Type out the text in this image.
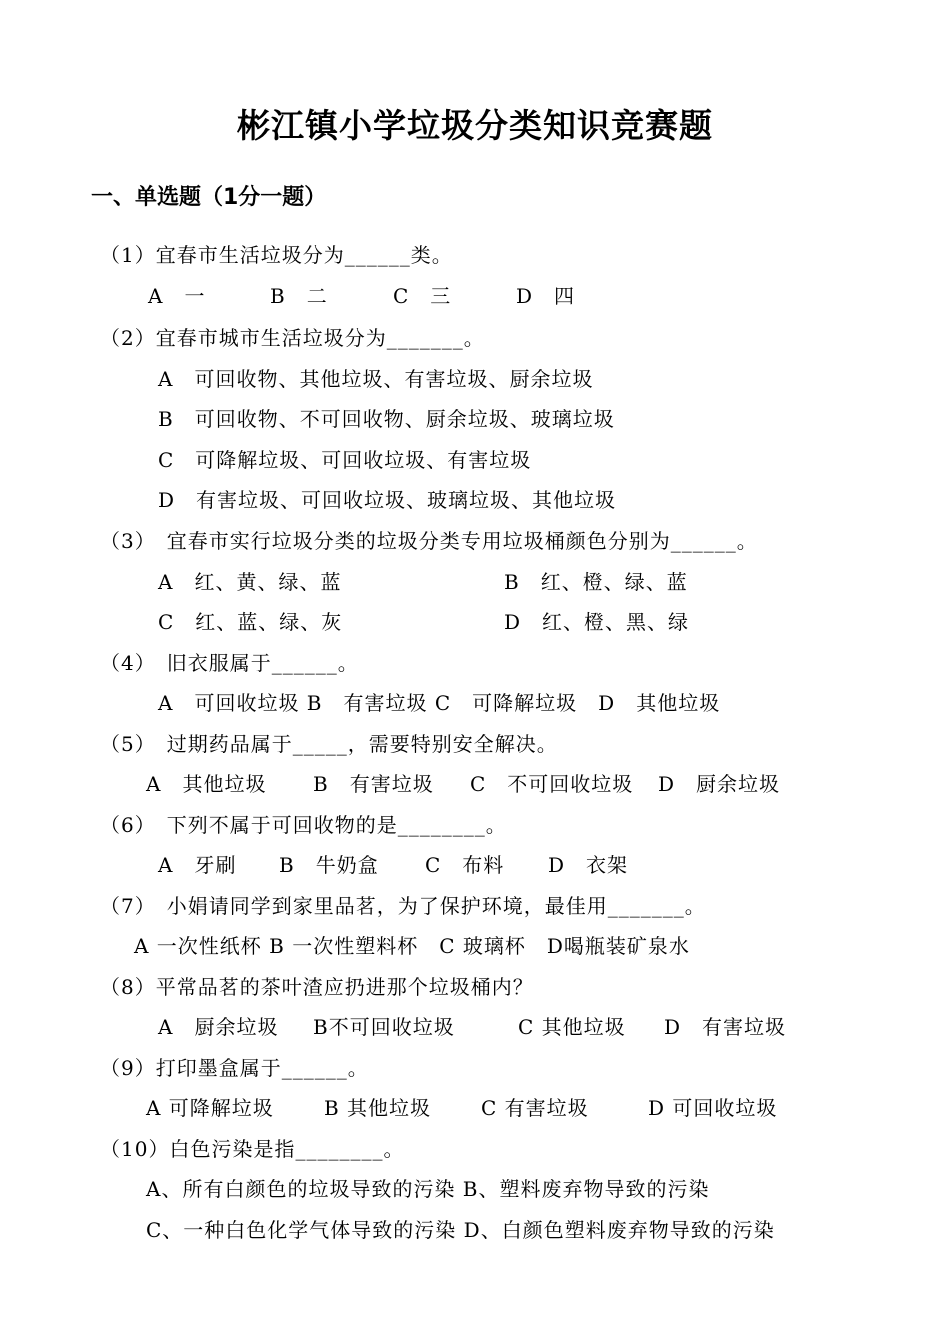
彬江镇小学垃圾分类知识竞赛题
一、单选题（1分一题）
（1）宜春市生活垃圾分为______类。
A　一	B　二	C　三	D　四
（2）宜春市城市生活垃圾分为_______。
A　可回收物、其他垃圾、有害垃圾、厨余垃圾
B　可回收物、不可回收物、厨余垃圾、玻璃垃圾
C　可降解垃圾、可回收垃圾、有害垃圾
D　有害垃圾、可回收垃圾、玻璃垃圾、其他垃圾
（3）　宜春市实行垃圾分类的垃圾分类专用垃圾桶颜色分别为______。
A　红、黄、绿、蓝	B　红、橙、绿、蓝
C　红、蓝、绿、灰	D　红、橙、黑、绿
（4）　旧衣服属于______。
A　可回收垃圾 B　有害垃圾 C　可降解垃圾　D　其他垃圾
（5）　过期药品属于_____，需要特别安全解决。
A　其他垃圾 B　有害垃圾 C　不可回收垃圾 D　厨余垃圾
（6）　下列不属于可回收物的是________。
A　牙刷 B　牛奶盒 C　布料 D　衣架
（7）　小娟请同学到家里品茗，为了保护环境，最佳用_______。
A 一次性纸杯 B 一次性塑料杯　C 玻璃杯　D喝瓶装矿泉水
（8）平常品茗的茶叶渣应扔进那个垃圾桶内？
A　厨余垃圾 B不可回收垃圾	C 其他垃圾 D　有害垃圾
（9）打印墨盒属于______。
A 可降解垃圾	B 其他垃圾 C 有害垃圾	D 可回收垃圾
（10）白色污染是指________。
A、所有白颜色的垃圾导致的污染 B、塑料废弃物导致的污染
C、一种白色化学气体导致的污染 D、白颜色塑料废弃物导致的污染
